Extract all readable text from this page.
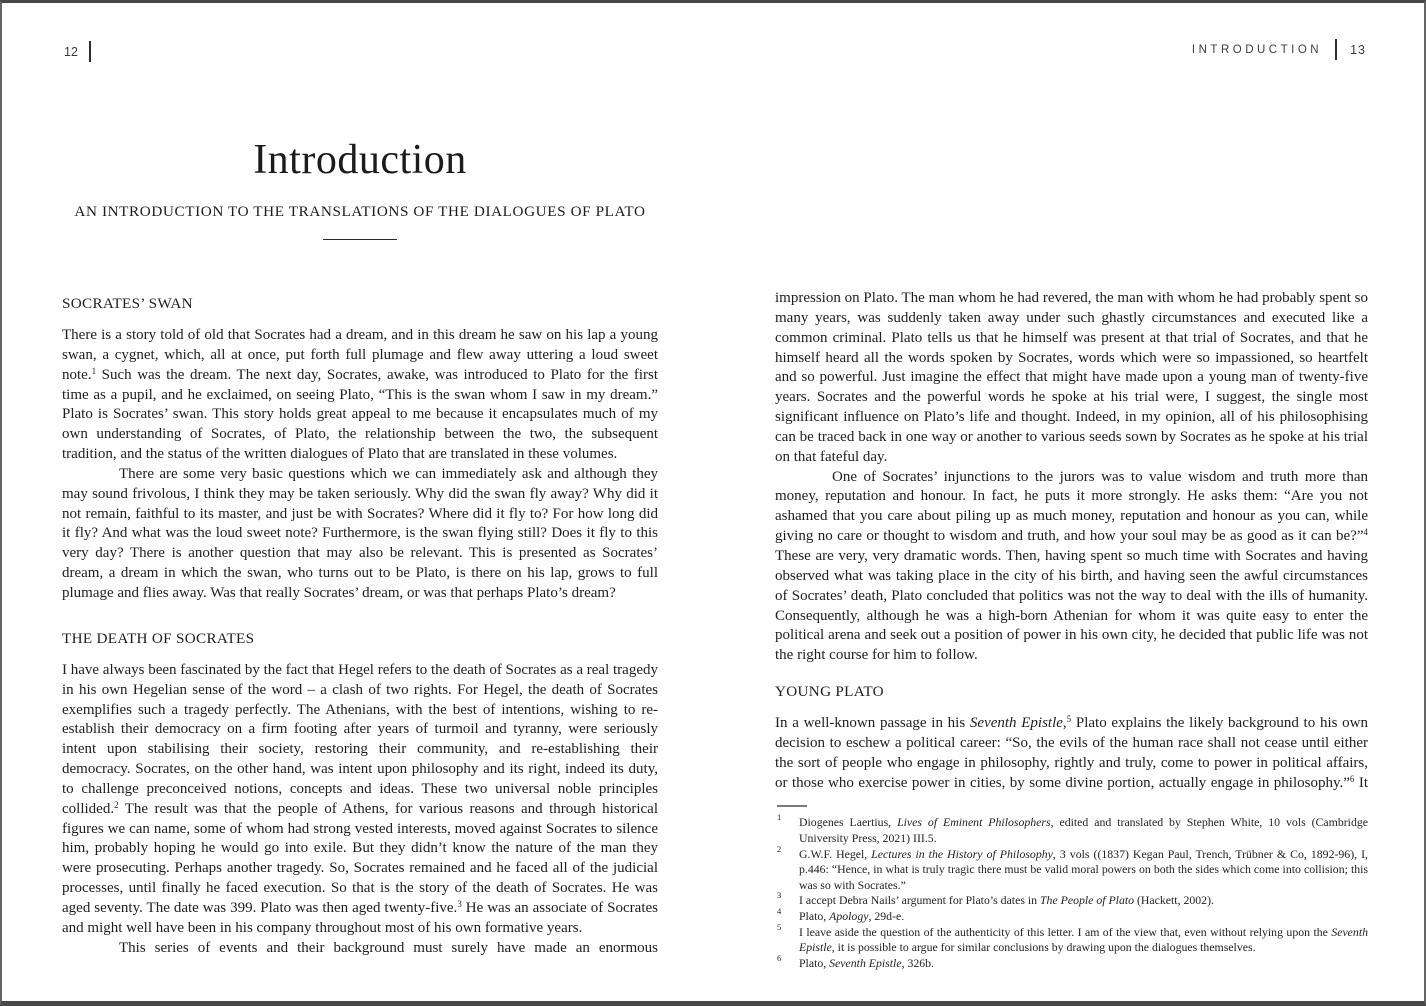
12	INTRODUCTION 13
Introduction
AN INTRODUCTION TO THE TRANSLATIONS OF THE DIALOGUES OF PLATO
SOCRATES’ SWAN

There is a story told of old that Socrates had a dream, and in this dream he saw on his lap a young swan, a cygnet, which, all at once, put forth full plumage and flew away uttering a loud sweet note.$^1$ Such was the dream. The next day, Socrates, awake, was introduced to Plato for the first time as a pupil, and he exclaimed, on seeing Plato, “This is the swan whom I saw in my dream.” Plato is Socrates’ swan. This story holds great appeal to me because it encapsulates much of my own understanding of Socrates, of Plato, the relationship between the two, the subsequent tradition, and the status of the written dialogues of Plato that are translated in these volumes.

There are some very basic questions which we can immediately ask and although they may sound frivolous, I think they may be taken seriously. Why did the swan fly away? Why did it not remain, faithful to its master, and just be with Socrates? Where did it fly to? For how long did it fly? And what was the loud sweet note? Furthermore, is the swan flying still? Does it fly to this very day? There is another question that may also be relevant. This is presented as Socrates’ dream, a dream in which the swan, who turns out to be Plato, is there on his lap, grows to full plumage and flies away. Was that really Socrates’ dream, or was that perhaps Plato’s dream?

THE DEATH OF SOCRATES

I have always been fascinated by the fact that Hegel refers to the death of Socrates as a real tragedy in his own Hegelian sense of the word – a clash of two rights. For Hegel, the death of Socrates exemplifies such a tragedy perfectly. The Athenians, with the best of intentions, wishing to re-establish their democracy on a firm footing after years of turmoil and tyranny, were seriously intent upon stabilising their society, restoring their community, and re-establishing their democracy. Socrates, on the other hand, was intent upon philosophy and its right, indeed its duty, to challenge preconceived notions, concepts and ideas. These two universal noble principles collided.$^2$ The result was that the people of Athens, for various reasons and through historical figures we can name, some of whom had strong vested interests, moved against Socrates to silence him, probably hoping he would go into exile. But they didn’t know the nature of the man they were prosecuting. Perhaps another tragedy. So, Socrates remained and he faced all of the judicial processes, until finally he faced execution. So that is the story of the death of Socrates. He was aged seventy. The date was 399. Plato was then aged twenty-five.$^3$ He was an associate of Socrates and might well have been in his company throughout most of his own formative years.

This series of events and their background must surely have made an enormous

impression on Plato. The man whom he had revered, the man with whom he had probably spent so many years, was suddenly taken away under such ghastly circumstances and executed like a common criminal. Plato tells us that he himself was present at that trial of Socrates, and that he himself heard all the words spoken by Socrates, words which were so impassioned, so heartfelt and so powerful. Just imagine the effect that might have made upon a young man of twenty-five years. Socrates and the powerful words he spoke at his trial were, I suggest, the single most significant influence on Plato’s life and thought. Indeed, in my opinion, all of his philosophising can be traced back in one way or another to various seeds sown by Socrates as he spoke at his trial on that fateful day.

One of Socrates’ injunctions to the jurors was to value wisdom and truth more than money, reputation and honour. In fact, he puts it more strongly. He asks them: “Are you not ashamed that you care about piling up as much money, reputation and honour as you can, while giving no care or thought to wisdom and truth, and how your soul may be as good as it can be?”$^4$ These are very, very dramatic words. Then, having spent so much time with Socrates and having observed what was taking place in the city of his birth, and having seen the awful circumstances of Socrates’ death, Plato concluded that politics was not the way to deal with the ills of humanity. Consequently, although he was a high-born Athenian for whom it was quite easy to enter the political arena and seek out a position of power in his own city, he decided that public life was not the right course for him to follow.

YOUNG PLATO

In a well-known passage in his Seventh Epistle,$^5$ Plato explains the likely background to his own decision to eschew a political career: “So, the evils of the human race shall not cease until either the sort of people who engage in philosophy, rightly and truly, come to power in political affairs, or those who exercise power in cities, by some divine portion, actually engage in philosophy.”$^6$ It

1 Diogenes Laertius, Lives of Eminent Philosophers, edited and translated by Stephen White, 10 vols (Cambridge University Press, 2021) III.5.
2 G.W.F. Hegel, Lectures in the History of Philosophy, 3 vols ((1837) Kegan Paul, Trench, Trübner & Co, 1892-96), I, p.446: “Hence, in what is truly tragic there must be valid moral powers on both the sides which come into collision; this was so with Socrates.”
3 I accept Debra Nails’ argument for Plato’s dates in The People of Plato (Hackett, 2002).
4 Plato, Apology, 29d-e.
5 I leave aside the question of the authenticity of this letter. I am of the view that, even without relying upon the Seventh Epistle, it is possible to argue for similar conclusions by drawing upon the dialogues themselves.
6 Plato, Seventh Epistle, 326b.
